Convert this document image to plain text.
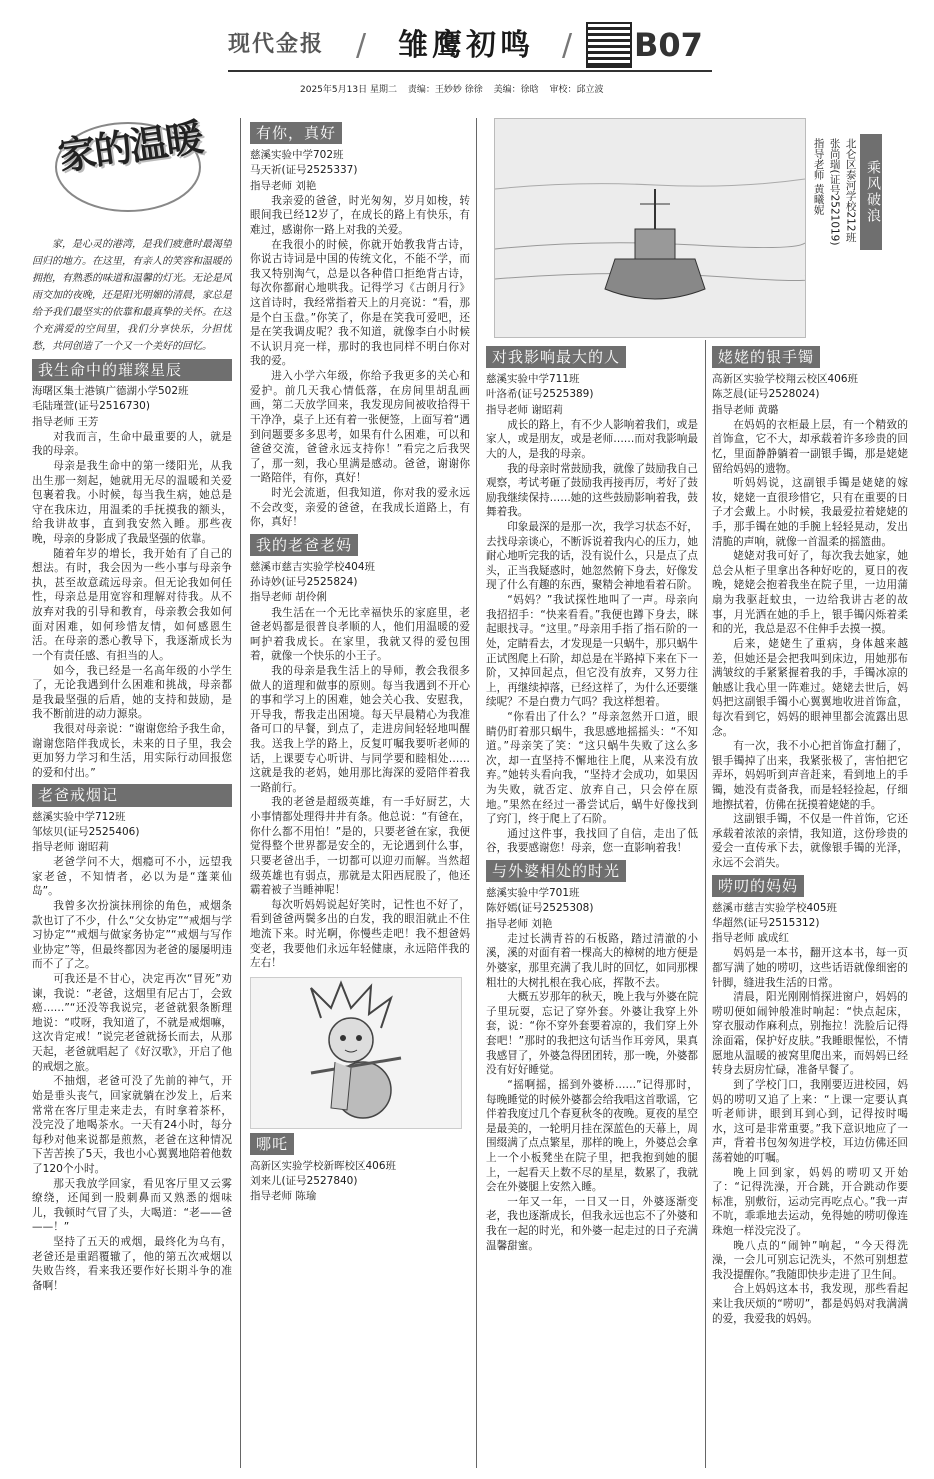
现代金报 / 雏鹰初鸣 / B07
2025年5月13日 星期二 责编：王妙妙 徐徐 美编：徐晗 审校：邱立波
家的温暖

家，是心灵的港湾，是我们疲惫时最渴望回归的地方。在这里，有亲人的笑容和温暖的拥抱，有熟悉的味道和温馨的灯光。无论是风雨交加的夜晚，还是阳光明媚的清晨，家总是给予我们最坚实的依靠和最真挚的关怀。在这个充满爱的空间里，我们分享快乐，分担忧愁，共同创造了一个又一个美好的回忆。

我生命中的璀璨星辰
海曙区集士港镇广德湖小学502班
毛陆瑾萱(证号2516730)
指导老师 王芳

对我而言，生命中最重要的人，就是我的母亲。

母亲是我生命中的第一缕阳光，从我出生那一刻起，她就用无尽的温暖和关爱包裹着我。小时候，每当我生病，她总是守在我床边，用温柔的手抚摸我的额头，给我讲故事，直到我安然入睡。那些夜晚，母亲的身影成了我最坚强的依靠。

随着年岁的增长，我开始有了自己的想法。有时，我会因为一些小事与母亲争执，甚至故意疏远母亲。但无论我如何任性，母亲总是用宽容和理解对待我。从不放弃对我的引导和教育，母亲教会我如何面对困难，如何珍惜友情，如何感恩生活。在母亲的悉心教导下，我逐渐成长为一个有责任感、有担当的人。

如今，我已经是一名高年级的小学生了，无论我遇到什么困难和挑战，母亲都是我最坚强的后盾，她的支持和鼓励，是我不断前进的动力源泉。

我很对母亲说：“谢谢您给予我生命，谢谢您陪伴我成长，未来的日子里，我会更加努力学习和生活，用实际行动回报您的爱和付出。”

老爸戒烟记
慈溪实验中学712班
邹炫贝(证号2525406)
指导老师 谢昭莉

老爸学问不大，烟瘾可不小，远望我家老爸，不知情者，必以为是“蓬莱仙岛”。

我曾多次扮演抹刑徐的角色，戒烟条款也订了不少，什么“父女协定”“戒烟与学习协定”“戒烟与做家务协定”“戒烟与写作业协定”等，但最终都因为老爸的屡屡明违而不了了之。

可我还是不甘心，决定再次“冒死”劝谏，我说：“老爸，这烟里有尼古丁，会致癌……”“还没等我说完，老爸就狠条断理地说：“哎呀，我知道了，不就是戒烟嘛，这次肯定戒！”说完老爸就扬长而去，从那天起，老爸就唱起了《好汉歌》，开启了他的戒烟之旅。

不抽烟，老爸可没了先前的神气，开始是垂头丧气，回家就躺在沙发上，后来常常在客厅里走来走去，有时拿着茶杯，没完没了地喝茶水。一天有24小时，每分每秒对他来说都是煎熬，老爸在这种情况下苦苦挨了5天，我也小心翼翼地陪着他数了120个小时。

那天我放学回家，看见客厅里又云雾缭绕，还闻到一股刺鼻而又熟悉的烟味儿，我顿时气冒了头，大喝道：“老——爸——！”

坚持了五天的戒烟，最终化为乌有，老爸还是重蹈覆辙了，他的第五次戒烟以失败告终，看来我还要作好长期斗争的准备啊！

有你，真好
慈溪实验中学702班
马天祈(证号2525337)
指导老师 刘艳

我亲爱的爸爸，时光匆匆，岁月如梭，转眼间我已经12岁了，在成长的路上有快乐，有难过，感谢你一路上对我的关爱。

在我很小的时候，你就开始教我背古诗，你说古诗词是中国的传统文化，不能不学，而我又特别淘气，总是以各种借口拒绝背古诗，每次你都耐心地哄我。记得学习《古朗月行》这首诗时，我经常指着天上的月亮说：“看，那是个白玉盘。”你笑了，你是在笑我可爱吧，还是在笑我调皮呢？我不知道，就像李白小时候不认识月亮一样，那时的我也同样不明白你对我的爱。

进入小学六年级，你给予我更多的关心和爱护。前几天我心情低落，在房间里胡乱画画，第二天放学回来，我发现房间被收拾得干干净净，桌子上还有着一张便签，上面写着“遇到问题要多多思考，如果有什么困难，可以和爸爸交流，爸爸永远支持你！”看完之后我哭了，那一刻，我心里满是感动。爸爸，谢谢你一路陪伴，有你，真好！

时光会流逝，但我知道，你对我的爱永远不会改变，亲爱的爸爸，在我成长道路上，有你，真好！

我的老爸老妈
慈溪市慈吉实验学校404班
孙诗妙(证号2525824)
指导老师 胡伶俐

我生活在一个无比幸福快乐的家庭里，老爸老妈都是很普良孝顺的人，他们用温暖的爱呵护着我成长。在家里，我就又得的爱包围着，就像一个快乐的小王子。

我的母亲是我生活上的导师，教会我很多做人的道理和做事的原则。每当我遇到不开心的事和学习上的困难，她会关心我、安慰我，开导我，帮我走出困境。每天早晨精心为我准备可口的早餐，到点了，走进房间轻轻地叫醒我。送我上学的路上，反复叮嘱我要听老师的话，上课要专心听讲、与同学要和睦相处……这就是我的老妈，她用那比海深的爱陪伴着我一路前行。

我的老爸是超级英雄，有一手好厨艺，大小事情都处理得井井有条。他总说：“有爸在，你什么都不用怕！”是的，只要老爸在家，我便觉得整个世界都是安全的，无论遇到什么事，只要老爸出手，一切都可以迎刃而解。当然超级英雄也有弱点，那就是太阳西屁股了，他还霸着被子当睡神呢！

每次听妈妈说起好笑时，记性也不好了，看到爸爸两鬓多出的白发，我的眼泪就止不住地流下来。时光啊，你慢些走吧！我不想爸妈变老，我要他们永远年轻健康，永远陪伴我的左右！

哪吒
高新区实验学校新晖校区406班
刘来儿(证号2527840)
指导老师 陈瑜
乘风破浪
北仑区泰河学校212班
张尚瑞(证号2521019)
指导老师 黄曦妮
对我影响最大的人
慈溪实验中学711班
叶洛希(证号2525389)
指导老师 谢昭莉

成长的路上，有不少人影响着我们，或是家人，或是朋友，或是老师……而对我影响最大的人，是我的母亲。

我的母亲时常鼓励我，就像了鼓励我自己观察，考试考砸了鼓励我再接再厉，考好了鼓励我继续保持……她的这些鼓励影响着我，鼓舞着我。

印象最深的是那一次，我学习状态不好，去找母亲谈心，不断诉说着我内心的压力，她耐心地听完我的话，没有说什么，只是点了点头，正当我疑惑时，她忽然俯下身去，好像发现了什么有趣的东西，聚精会神地看着石阶。

“妈妈？”我试探性地叫了一声。母亲向我招招手：“快来看看。”我便也蹲下身去，眯起眼找寻。“这里。”母亲用手指了指石阶的一处，定睛看去，才发现是一只蜗牛，那只蜗牛正试图爬上石阶，却总是在半路掉下来在下一阶，又掉回起点，但它没有放弃，又努力往上，再继续掉落，已经这样了，为什么还要继续呢？不是白费力气吗？我这样想着。

“你看出了什么？”母亲忽然开口道，眼睛仍盯着那只蜗牛，我思感地摇摇头：“不知道。”母亲笑了笑：“这只蜗牛失败了这么多次，却一直坚持不懈地往上爬，从来没有放弃。”她转头看向我，“坚持才会成功，如果因为失败，就否定、放弃自己，只会停在原地。”果然在经过一番尝试后，蜗牛好像找到了窍门，终于爬上了石阶。

通过这件事，我找回了自信，走出了低谷，我要感谢您！母亲，您一直影响着我！

与外婆相处的时光
慈溪实验中学701班
陈妤嫣(证号2525308)
指导老师 刘艳

走过长满青苔的石板路，踏过清澈的小溪，溪的对面有着一棵高大的樟树的地方便是外婆家，那里充满了我儿时的回忆，如同那棵粗壮的大树扎根在我心底，挥散不去。

大概五岁那年的秋天，晚上我与外婆在院子里玩耍，忘记了穿外套。外婆让我穿上外套，说：“你不穿外套要着凉的，我们穿上外套吧！”那时的我把这句话当作耳旁风，果真我感冒了，外婆急得团团转，那一晚，外婆都没有好好睡觉。

“摇啊摇，摇到外婆桥……”记得那时，每晚睡觉的时候外婆都会给我唱这首歌谣，它伴着我度过几个春夏秋冬的夜晚。夏夜的星空是最美的，一轮明月挂在深蓝色的天幕上，周围缀满了点点繁星，那样的晚上，外婆总会拿上一个小板凳坐在院子里，把我抱到她的腿上，一起看天上数不尽的星星，数累了，我就会在外婆腿上安然入睡。

一年又一年，一日又一日，外婆逐渐变老，我也逐渐成长，但我永远也忘不了外婆和我在一起的时光，和外婆一起走过的日子充满温馨甜蜜。

姥姥的银手镯
高新区实验学校翔云校区406班
陈芝晨(证号2528024)
指导老师 黄璐

在妈妈的衣柜最上层，有一个精致的首饰盒，它不大，却承载着许多珍贵的回忆，里面静静躺着一副银手镯，那是姥姥留给妈妈的遗物。

听妈妈说，这副银手镯是姥姥的嫁妆，姥姥一直很珍惜它，只有在重要的日子才会戴上。小时候，我最爱拉着姥姥的手，那手镯在她的手腕上轻轻晃动，发出清脆的声响，就像一首温柔的摇篮曲。

姥姥对我可好了，每次我去她家，她总会从柜子里拿出各种好吃的，夏日的夜晚，姥姥会抱着我坐在院子里，一边用蒲扇为我驱赶蚊虫，一边给我讲古老的故事，月光洒在她的手上，银手镯闪烁着柔和的光，我总是忍不住伸手去摸一摸。

后来，姥姥生了重病，身体越来越差，但她还是会把我叫到床边，用她那布满皱纹的手紧紧握着我的手，手镯冰凉的触感让我心里一阵难过。姥姥去世后，妈妈把这副银手镯小心翼翼地收进首饰盒，每次看到它，妈妈的眼神里都会流露出思念。

有一次，我不小心把首饰盒打翻了，银手镯掉了出来，我紧张极了，害怕把它弄坏，妈妈听到声音赶来，看到地上的手镯，她没有责备我，而是轻轻捡起，仔细地擦拭着，仿佛在抚摸着姥姥的手。

这副银手镯，不仅是一件首饰，它还承载着浓浓的亲情，我知道，这份珍贵的爱会一直传承下去，就像银手镯的光泽，永远不会消失。

唠叨的妈妈
慈溪市慈吉实验学校405班
华超然(证号2515312)
指导老师 戚成红

妈妈是一本书，翻开这本书，每一页都写满了她的唠叨，这些话语就像细密的针脚，缝进我生活的日常。

清晨，阳光刚刚悄探进窗户，妈妈的唠叨便如闹钟般准时响起：“快点起床，穿衣服动作麻利点，别拖拉！洗脸后记得涂面霜，保护好皮肤。”我睡眼惺忪，不情愿地从温暖的被窝里爬出来，而妈妈已经转身去厨房忙碌，准备早餐了。

到了学校门口，我刚要迈进校园，妈妈的唠叨又追了上来：“上课一定要认真听老师讲，眼到耳到心到，记得按时喝水，这可是非常重要。”我下意识地应了一声，背着书包匆匆进学校，耳边仿佛还回荡着她的叮嘱。

晚上回到家，妈妈的唠叨又开始了：“记得洗澡，开合跳，开合跳动作要标准，别敷衍，运动完再吃点心。”我一声不吭，乖乖地去运动，免得她的唠叨像连珠炮一样没完没了。

晚八点的“闹钟”响起，“今天得洗澡，一会儿可别忘记洗头，不然可别想惹我没提醒你。”我随即快步走进了卫生间。

合上妈妈这本书，我发现，那些看起来让我厌烦的“唠叨”，都是妈妈对我满满的爱，我爱我的妈妈。
